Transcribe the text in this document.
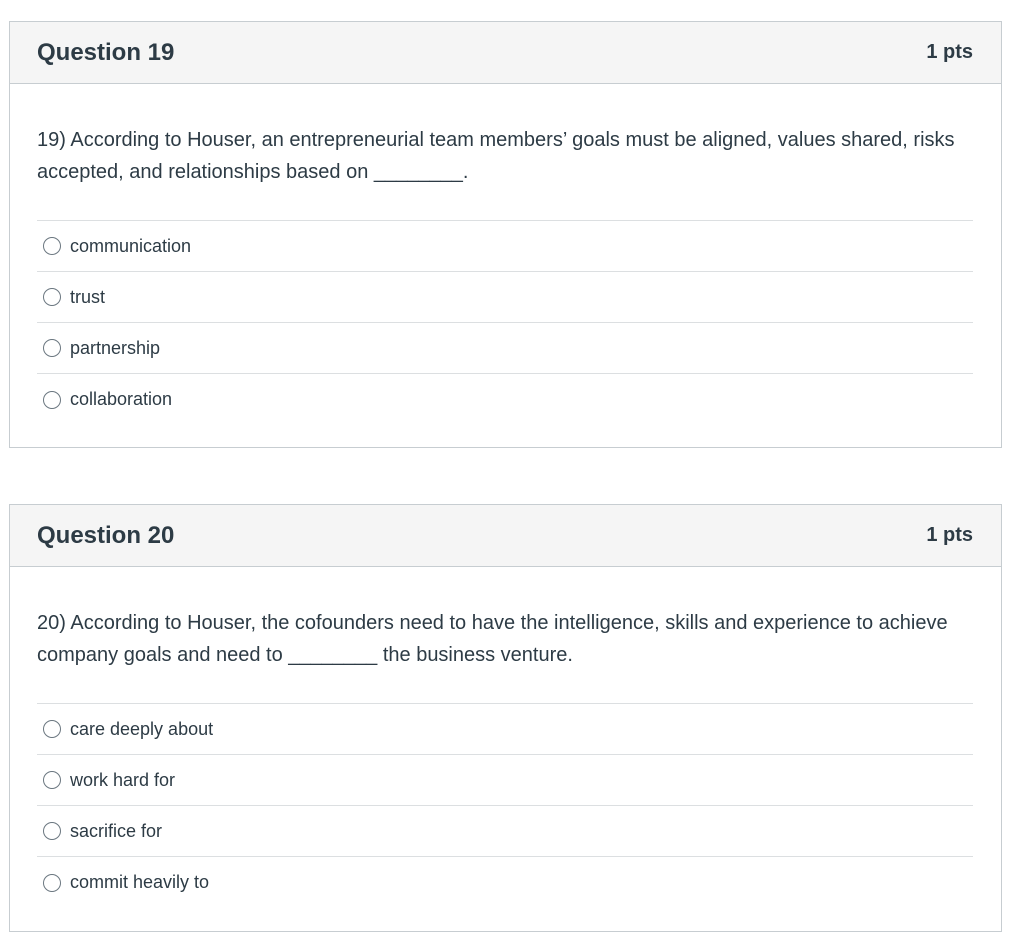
Question 19	1 pts
19) According to Houser, an entrepreneurial team members’ goals must be aligned, values shared, risks accepted, and relationships based on ________.
communication
trust
partnership
collaboration
Question 20	1 pts
20) According to Houser, the cofounders need to have the intelligence, skills and experience to achieve company goals and need to ________ the business venture.
care deeply about
work hard for
sacrifice for
commit heavily to
